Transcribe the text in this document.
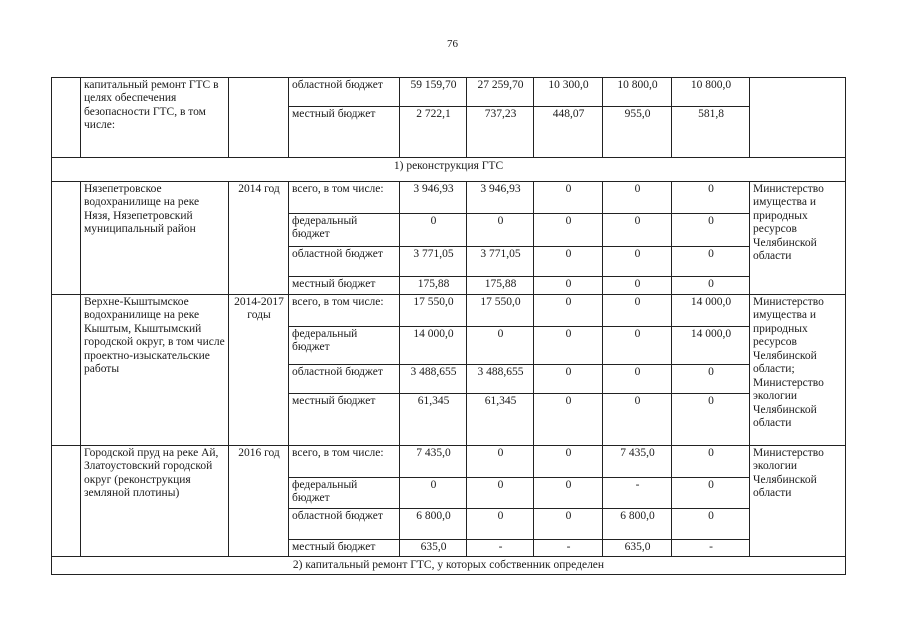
76
	капитальный ремонт ГТС в целях обеспечения безопасности ГТС, в том числе:		областной бюджет	59 159,70	27 259,70	10 300,0	10 800,0	10 800,0	
			местный бюджет	2 722,1	737,23	448,07	955,0	581,8	
1) реконструкция ГТС									
	Нязепетровское водохранилище на реке Нязя, Нязепетровский муниципальный район	2014 год	всего, в том числе:	3 946,93	3 946,93	0	0	0	Министерство имущества и природных ресурсов Челябинской области
			федеральный бюджет	0	0	0	0	0	
			областной бюджет	3 771,05	3 771,05	0	0	0	
			местный бюджет	175,88	175,88	0	0	0	
	Верхне-Кыштымское водохранилище на реке Кыштым, Кыштымский городской округ, в том числе проектно-изыскательские работы	2014-2017 годы	всего, в том числе:	17 550,0	17 550,0	0	0	14 000,0	Министерство имущества и природных ресурсов Челябинской области; Министерство экологии Челябинской области
			федеральный бюджет	14 000,0	0	0	0	14 000,0	
			областной бюджет	3 488,655	3 488,655	0	0	0	
			местный бюджет	61,345	61,345	0	0	0	
	Городской пруд на реке Ай, Златоустовский городской округ (реконструкция земляной плотины)	2016 год	всего, в том числе:	7 435,0	0	0	7 435,0	0	Министерство экологии Челябинской области
			федеральный бюджет	0	0	0	-	0	
			областной бюджет	6 800,0	0	0	6 800,0	0	
			местный бюджет	635,0	-	-	635,0	-	
2) капитальный ремонт ГТС, у которых собственник определен									
